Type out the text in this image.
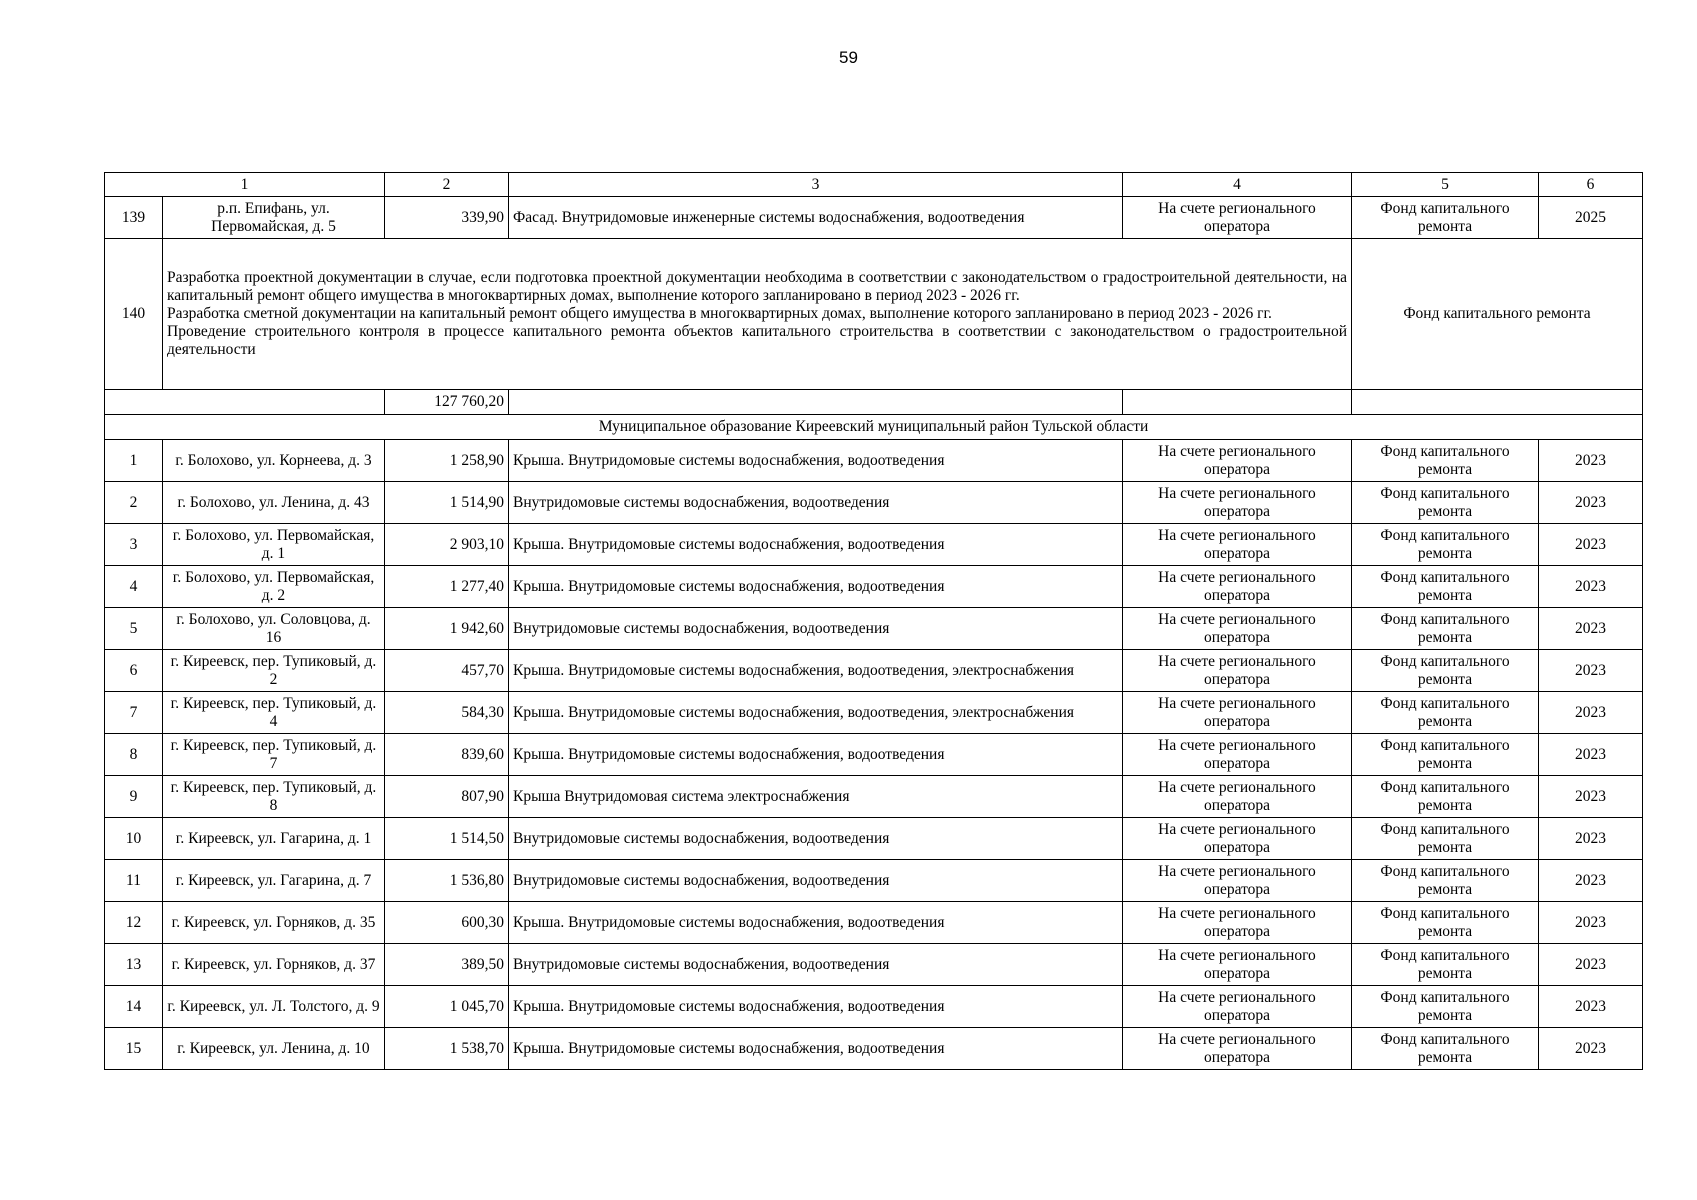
59
1		2	3	4	5	6
139	р.п. Епифань, ул. Первомайская, д. 5	339,90	Фасад. Внутридомовые инженерные системы водоснабжения, водоотведения	На счете регионального оператора	Фонд капитального ремонта	2025
140	Разработка проектной документации в случае, если подготовка проектной документации необходима в соответствии с законодательством о градостроительной деятельности, на капитальный ремонт общего имущества в многоквартирных домах, выполнение которого запланировано в период 2023 - 2026 гг.
Разработка сметной документации на капитальный ремонт общего имущества в многоквартирных домах, выполнение которого запланировано в период 2023 - 2026 гг.
Проведение строительного контроля в процессе капитального ремонта объектов капитального строительства в соответствии с законодательством о градостроительной деятельности				Фонд капитального ремонта	
		127 760,20				
Муниципальное образование Киреевский муниципальный район Тульской области						
1	г. Болохово, ул. Корнеева, д. 3	1 258,90	Крыша. Внутридомовые системы водоснабжения, водоотведения	На счете регионального оператора	Фонд капитального ремонта	2023
2	г. Болохово, ул. Ленина, д. 43	1 514,90	Внутридомовые системы водоснабжения, водоотведения	На счете регионального оператора	Фонд капитального ремонта	2023
3	г. Болохово, ул. Первомайская, д. 1	2 903,10	Крыша. Внутридомовые системы водоснабжения, водоотведения	На счете регионального оператора	Фонд капитального ремонта	2023
4	г. Болохово, ул. Первомайская, д. 2	1 277,40	Крыша. Внутридомовые системы водоснабжения, водоотведения	На счете регионального оператора	Фонд капитального ремонта	2023
5	г. Болохово, ул. Соловцова, д. 16	1 942,60	Внутридомовые системы водоснабжения, водоотведения	На счете регионального оператора	Фонд капитального ремонта	2023
6	г. Киреевск, пер. Тупиковый, д. 2	457,70	Крыша. Внутридомовые системы водоснабжения, водоотведения, электроснабжения	На счете регионального оператора	Фонд капитального ремонта	2023
7	г. Киреевск, пер. Тупиковый, д. 4	584,30	Крыша. Внутридомовые системы водоснабжения, водоотведения, электроснабжения	На счете регионального оператора	Фонд капитального ремонта	2023
8	г. Киреевск, пер. Тупиковый, д. 7	839,60	Крыша. Внутридомовые системы водоснабжения, водоотведения	На счете регионального оператора	Фонд капитального ремонта	2023
9	г. Киреевск, пер. Тупиковый, д. 8	807,90	Крыша Внутридомовая система электроснабжения	На счете регионального оператора	Фонд капитального ремонта	2023
10	г. Киреевск, ул. Гагарина, д. 1	1 514,50	Внутридомовые системы водоснабжения, водоотведения	На счете регионального оператора	Фонд капитального ремонта	2023
11	г. Киреевск, ул. Гагарина, д. 7	1 536,80	Внутридомовые системы водоснабжения, водоотведения	На счете регионального оператора	Фонд капитального ремонта	2023
12	г. Киреевск, ул. Горняков, д. 35	600,30	Крыша. Внутридомовые системы водоснабжения, водоотведения	На счете регионального оператора	Фонд капитального ремонта	2023
13	г. Киреевск, ул. Горняков, д. 37	389,50	Внутридомовые системы водоснабжения, водоотведения	На счете регионального оператора	Фонд капитального ремонта	2023
14	г. Киреевск, ул. Л. Толстого, д. 9	1 045,70	Крыша. Внутридомовые системы водоснабжения, водоотведения	На счете регионального оператора	Фонд капитального ремонта	2023
15	г. Киреевск, ул. Ленина, д. 10	1 538,70	Крыша. Внутридомовые системы водоснабжения, водоотведения	На счете регионального оператора	Фонд капитального ремонта	2023
